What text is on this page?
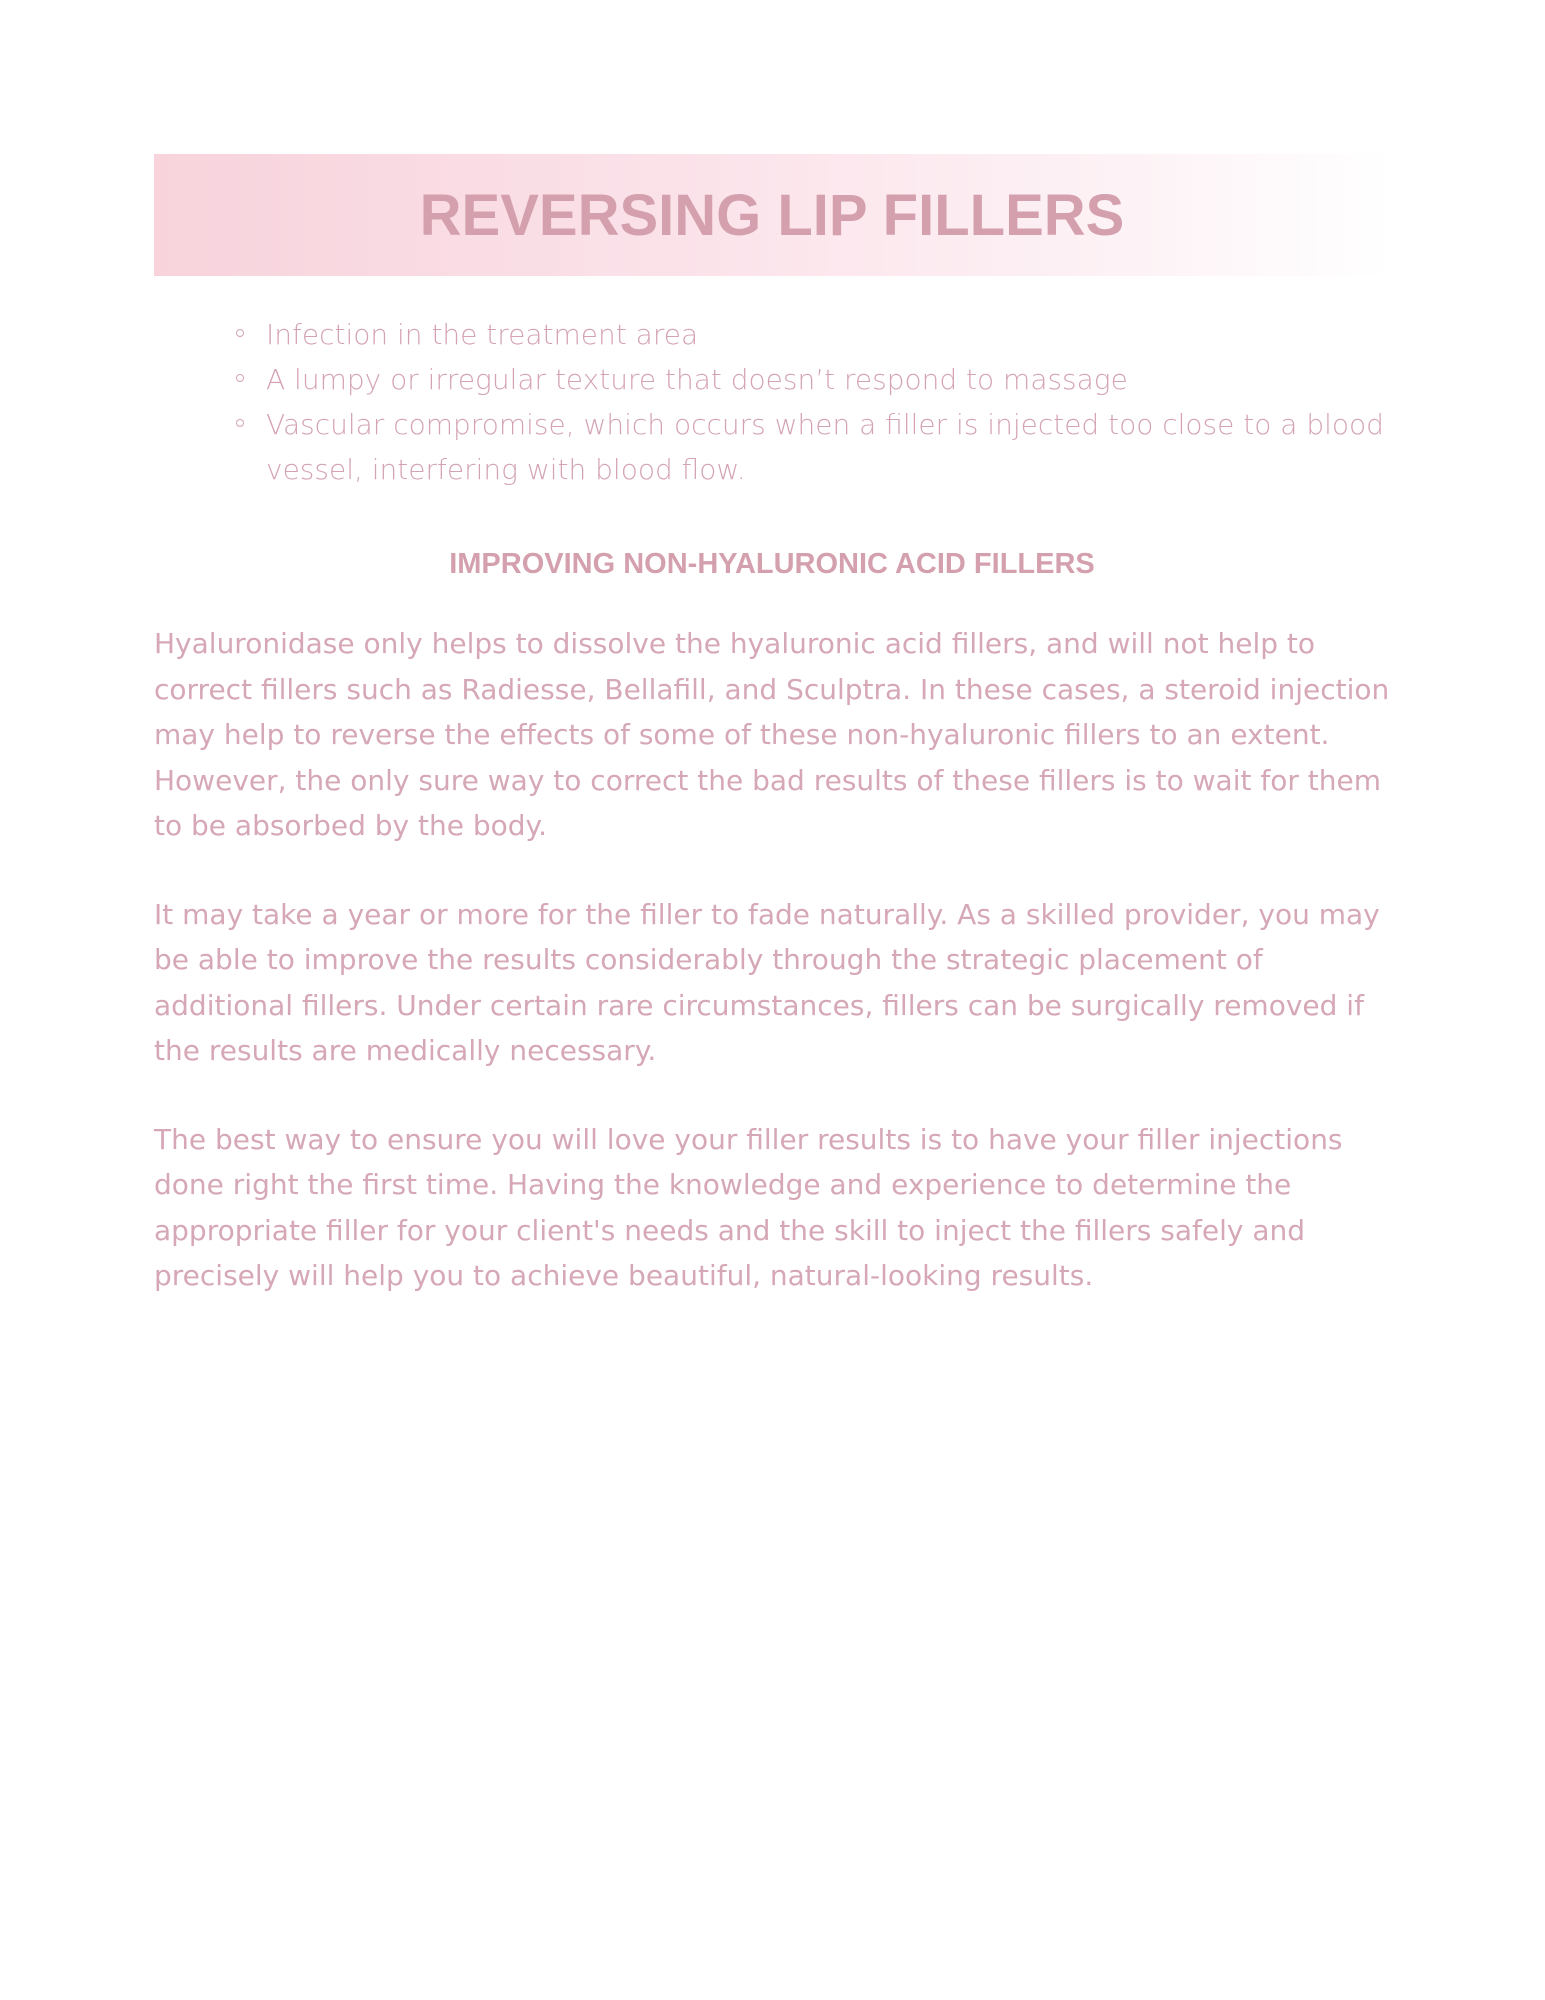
REVERSING LIP FILLERS
Infection in the treatment area
A lumpy or irregular texture that doesn’t respond to massage
Vascular compromise, which occurs when a filler is injected too close to a blood vessel, interfering with blood flow.
IMPROVING NON-HYALURONIC ACID FILLERS

Hyaluronidase only helps to dissolve the hyaluronic acid fillers, and will not help to correct fillers such as Radiesse, Bellafill, and Sculptra. In these cases, a steroid injection may help to reverse the effects of some of these non-hyaluronic fillers to an extent. However, the only sure way to correct the bad results of these fillers is to wait for them to be absorbed by the body.

It may take a year or more for the filler to fade naturally. As a skilled provider, you may be able to improve the results considerably through the strategic placement of additional fillers. Under certain rare circumstances, fillers can be surgically removed if the results are medically necessary.

The best way to ensure you will love your filler results is to have your filler injections done right the first time. Having the knowledge and experience to determine the appropriate filler for your client's needs and the skill to inject the fillers safely and precisely will help you to achieve beautiful, natural-looking results.
